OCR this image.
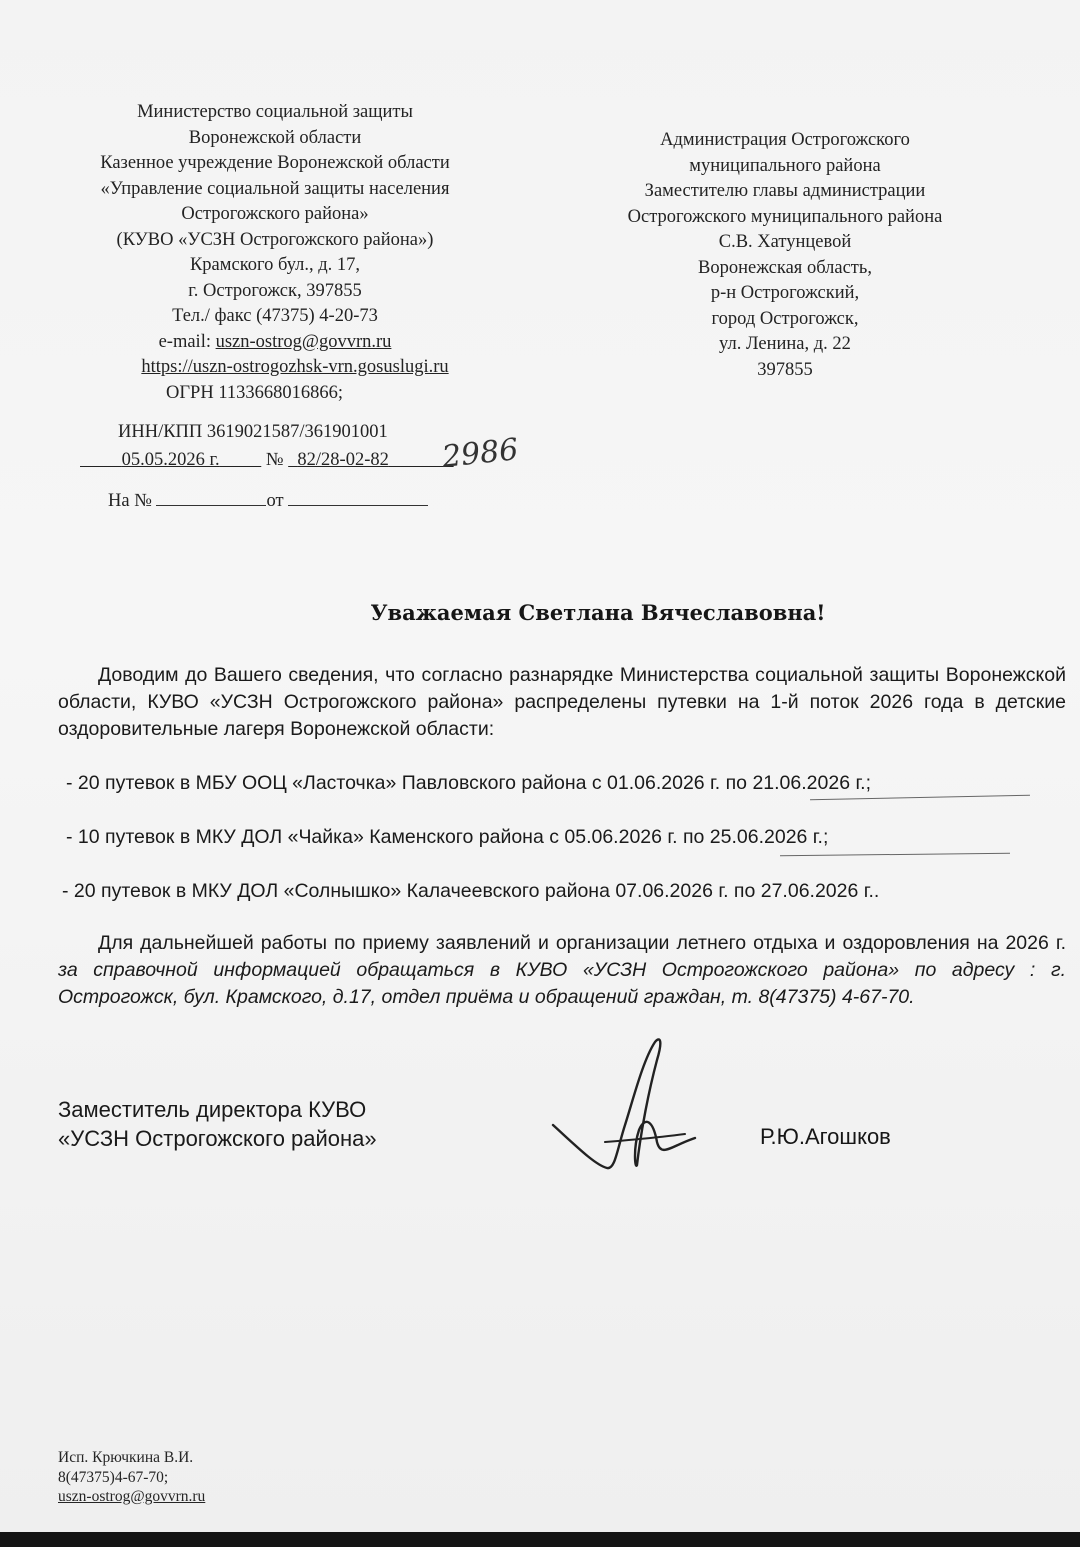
Министерство социальной защиты
Воронежской области
Казенное учреждение Воронежской области
«Управление социальной защиты населения
Острогожского района»
(КУВО «УСЗН Острогожского района»)
Крамского бул., д. 17,
г. Острогожск, 397855
Тел./ факс (47375) 4-20-73
e-mail: uszn-ostrog@govvrn.ru
https://uszn-ostrogozhsk-vrn.gosuslugi.ru
ОГРН 1133668016866;
ИНН/КПП 3619021587/361901001
05.05.2026 г.	№ 82/28-02-82 2986
На №	от
Администрация Острогожского
муниципального района
Заместителю главы администрации
Острогожского муниципального района
С.В. Хатунцевой
Воронежская область,
р-н Острогожский,
город Острогожск,
ул. Ленина, д. 22
397855
Уважаемая Светлана Вячеславовна!
Доводим до Вашего сведения, что согласно разнарядке Министерства социальной защиты Воронежской области, КУВО «УСЗН Острогожского района» распределены путевки на 1-й поток 2026 года в детские оздоровительные лагеря Воронежской области:
- 20 путевок в МБУ ООЦ «Ласточка» Павловского района с 01.06.2026 г. по 21.06.2026 г.;
- 10 путевок в МКУ ДОЛ «Чайка» Каменского района с 05.06.2026 г. по 25.06.2026 г.;
- 20 путевок в МКУ ДОЛ «Солнышко» Калачеевского района 07.06.2026 г. по 27.06.2026 г..
Для дальнейшей работы по приему заявлений и организации летнего отдыха и оздоровления на 2026 г. за справочной информацией обращаться в КУВО «УСЗН Острогожского района» по адресу : г. Острогожск, бул. Крамского, д.17, отдел приёма и обращений граждан, т. 8(47375) 4-67-70.
Заместитель директора КУВО
«УСЗН Острогожского района»	Р.Ю.Агошков
Исп. Крючкина В.И.
8(47375)4-67-70;
uszn-ostrog@govvrn.ru
